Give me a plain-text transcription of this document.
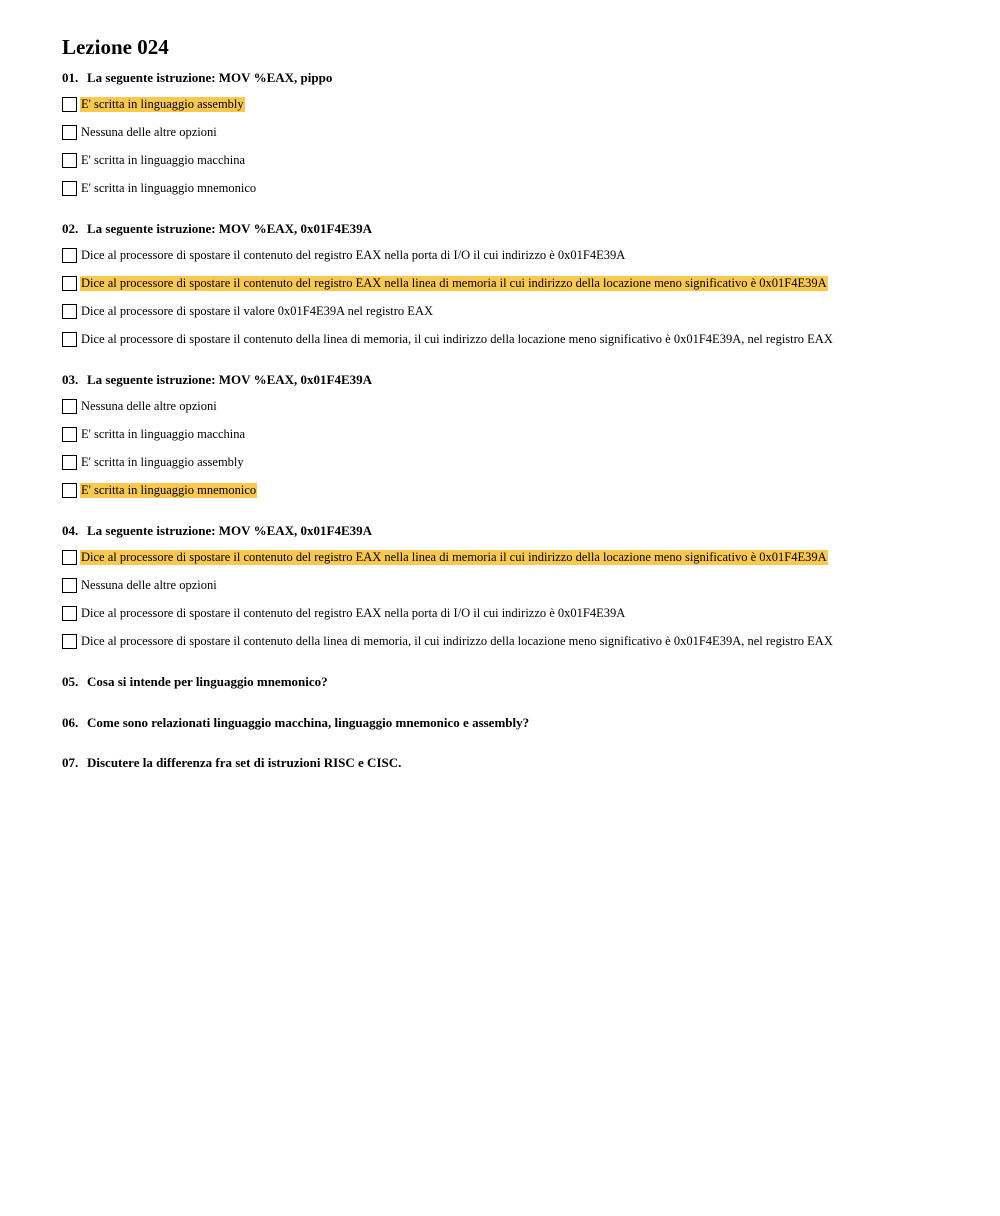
Lezione 024
01. La seguente istruzione: MOV %EAX, pippo
E' scritta in linguaggio assembly
Nessuna delle altre opzioni
E' scritta in linguaggio macchina
E' scritta in linguaggio mnemonico
02. La seguente istruzione: MOV %EAX, 0x01F4E39A
Dice al processore di spostare il contenuto del registro EAX nella porta di I/O il cui indirizzo è 0x01F4E39A
Dice al processore di spostare il contenuto del registro EAX nella linea di memoria il cui indirizzo della locazione meno significativo è 0x01F4E39A
Dice al processore di spostare il valore 0x01F4E39A nel registro EAX
Dice al processore di spostare il contenuto della linea di memoria, il cui indirizzo della locazione meno significativo è 0x01F4E39A, nel registro EAX
03. La seguente istruzione: MOV %EAX, 0x01F4E39A
Nessuna delle altre opzioni
E' scritta in linguaggio macchina
E' scritta in linguaggio assembly
E' scritta in linguaggio mnemonico
04. La seguente istruzione: MOV %EAX, 0x01F4E39A
Dice al processore di spostare il contenuto del registro EAX nella linea di memoria il cui indirizzo della locazione meno significativo è 0x01F4E39A
Nessuna delle altre opzioni
Dice al processore di spostare il contenuto del registro EAX nella porta di I/O il cui indirizzo è 0x01F4E39A
Dice al processore di spostare il contenuto della linea di memoria, il cui indirizzo della locazione meno significativo è 0x01F4E39A, nel registro EAX
05. Cosa si intende per linguaggio mnemonico?
06. Come sono relazionati linguaggio macchina, linguaggio mnemonico e assembly?
07. Discutere la differenza fra set di istruzioni RISC e CISC.
